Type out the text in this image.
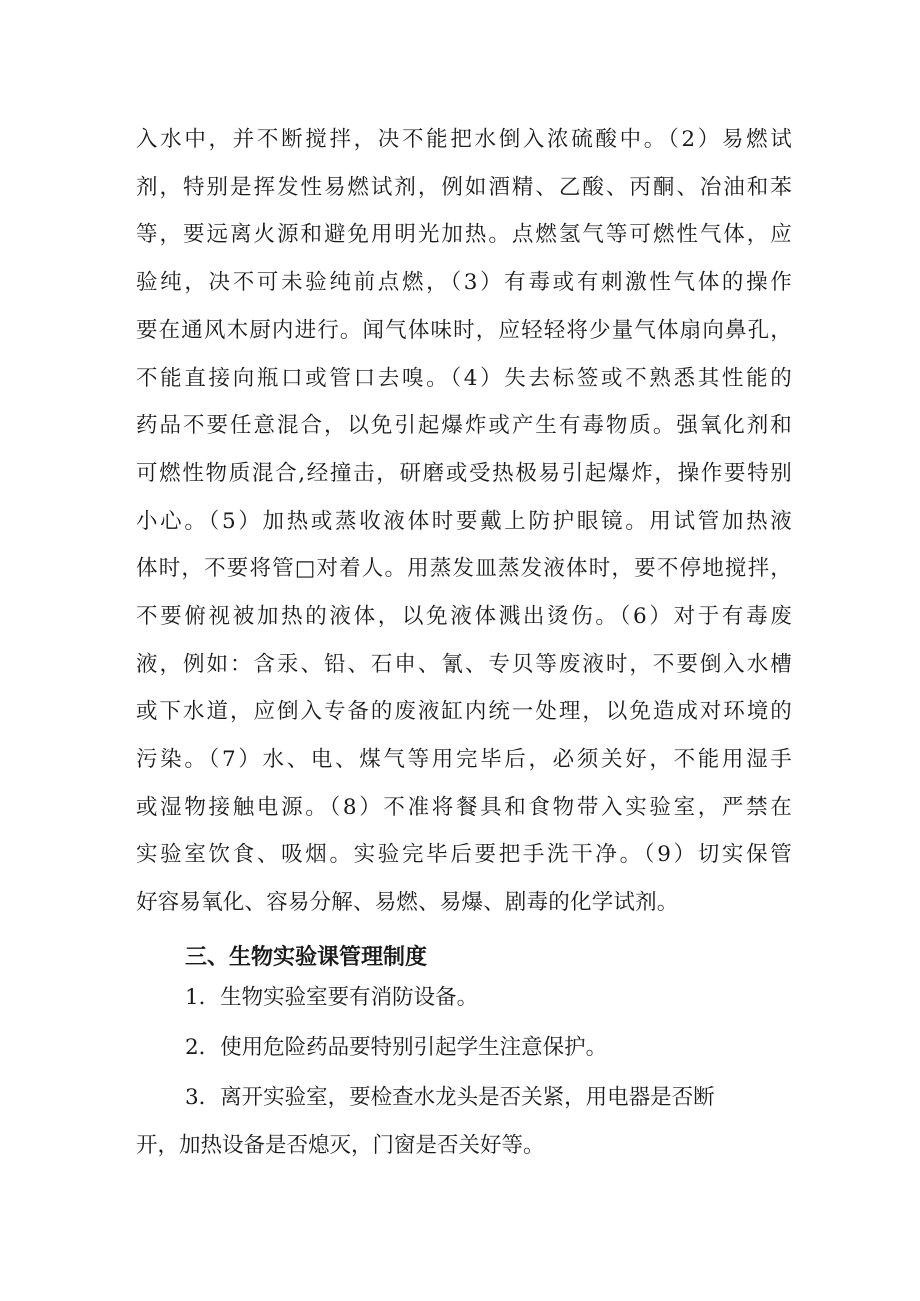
入水中，并不断搅拌，决不能把水倒入浓硫酸中。（2）易燃试
剂，特别是挥发性易燃试剂，例如酒精、乙酸、丙酮、冶油和苯
等，要远离火源和避免用明光加热。点燃氢气等可燃性气体，应
验纯，决不可未验纯前点燃，（3）有毒或有刺激性气体的操作
要在通风木厨内进行。闻气体味时，应轻轻将少量气体扇向鼻孔，
不能直接向瓶口或管口去嗅。（4）失去标签或不熟悉其性能的
药品不要任意混合，以免引起爆炸或产生有毒物质。强氧化剂和
可燃性物质混合,经撞击，研磨或受热极易引起爆炸，操作要特别
小心。（5）加热或蒸收液体时要戴上防护眼镜。用试管加热液
体时，不要将管□对着人。用蒸发皿蒸发液体时，要不停地搅拌，
不要俯视被加热的液体，以免液体溅出烫伤。（6）对于有毒废
液，例如：含汞、铅、石申、氰、专贝等废液时，不要倒入水槽
或下水道，应倒入专备的废液缸内统一处理，以免造成对环境的
污染。（7）水、电、煤气等用完毕后，必须关好，不能用湿手
或湿物接触电源。（8）不准将餐具和食物带入实验室，严禁在
实验室饮食、吸烟。实验完毕后要把手洗干净。（9）切实保管
好容易氧化、容易分解、易燃、易爆、剧毒的化学试剂。
三、生物实验课管理制度
1．生物实验室要有消防设备。
2．使用危险药品要特别引起学生注意保护。
3．离开实验室，要检查水龙头是否关紧，用电器是否断
开，加热设备是否熄灭，门窗是否关好等。
